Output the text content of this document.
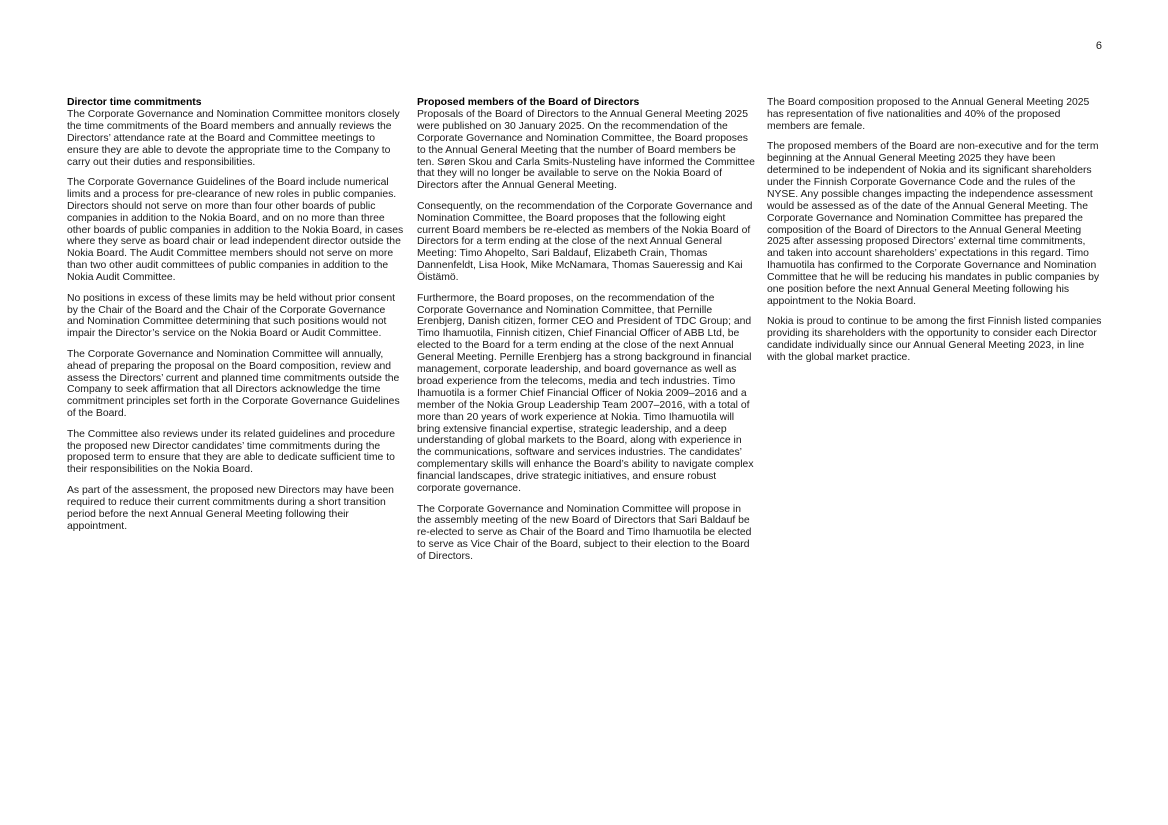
6
Director time commitments

The Corporate Governance and Nomination Committee monitors closely the time commitments of the Board members and annually reviews the Directors’ attendance rate at the Board and Committee meetings to ensure they are able to devote the appropriate time to the Company to carry out their duties and responsibilities.

The Corporate Governance Guidelines of the Board include numerical limits and a process for pre-clearance of new roles in public companies. Directors should not serve on more than four other boards of public companies in addition to the Nokia Board, and on no more than three other boards of public companies in addition to the Nokia Board, in cases where they serve as board chair or lead independent director outside the Nokia Board. The Audit Committee members should not serve on more than two other audit committees of public companies in addition to the Nokia Audit Committee.

No positions in excess of these limits may be held without prior consent by the Chair of the Board and the Chair of the Corporate Governance and Nomination Committee determining that such positions would not impair the Director’s service on the Nokia Board or Audit Committee.

The Corporate Governance and Nomination Committee will annually, ahead of preparing the proposal on the Board composition, review and assess the Directors’ current and planned time commitments outside the Company to seek affirmation that all Directors acknowledge the time commitment principles set forth in the Corporate Governance Guidelines of the Board.

The Committee also reviews under its related guidelines and procedure the proposed new Director candidates’ time commitments during the proposed term to ensure that they are able to dedicate sufficient time to their responsibilities on the Nokia Board.

As part of the assessment, the proposed new Directors may have been required to reduce their current commitments during a short transition period before the next Annual General Meeting following their appointment.

Proposed members of the Board of Directors

Proposals of the Board of Directors to the Annual General Meeting 2025 were published on 30 January 2025. On the recommendation of the Corporate Governance and Nomination Committee, the Board proposes to the Annual General Meeting that the number of Board members be ten. Søren Skou and Carla Smits-Nusteling have informed the Committee that they will no longer be available to serve on the Nokia Board of Directors after the Annual General Meeting.

Consequently, on the recommendation of the Corporate Governance and Nomination Committee, the Board proposes that the following eight current Board members be re-elected as members of the Nokia Board of Directors for a term ending at the close of the next Annual General Meeting: Timo Ahopelto, Sari Baldauf, Elizabeth Crain, Thomas Dannenfeldt, Lisa Hook, Mike McNamara, Thomas Saueressig and Kai Öistämö.

Furthermore, the Board proposes, on the recommendation of the Corporate Governance and Nomination Committee, that Pernille Erenbjerg, Danish citizen, former CEO and President of TDC Group; and Timo Ihamuotila, Finnish citizen, Chief Financial Officer of ABB Ltd, be elected to the Board for a term ending at the close of the next Annual General Meeting. Pernille Erenbjerg has a strong background in financial management, corporate leadership, and board governance as well as broad experience from the telecoms, media and tech industries. Timo Ihamuotila is a former Chief Financial Officer of Nokia 2009–2016 and a member of the Nokia Group Leadership Team 2007–2016, with a total of more than 20 years of work experience at Nokia. Timo Ihamuotila will bring extensive financial expertise, strategic leadership, and a deep understanding of global markets to the Board, along with experience in the communications, software and services industries. The candidates’ complementary skills will enhance the Board’s ability to navigate complex financial landscapes, drive strategic initiatives, and ensure robust corporate governance.

The Corporate Governance and Nomination Committee will propose in the assembly meeting of the new Board of Directors that Sari Baldauf be re-elected to serve as Chair of the Board and Timo Ihamuotila be elected to serve as Vice Chair of the Board, subject to their election to the Board of Directors.

The Board composition proposed to the Annual General Meeting 2025 has representation of five nationalities and 40% of the proposed members are female.

The proposed members of the Board are non-executive and for the term beginning at the Annual General Meeting 2025 they have been determined to be independent of Nokia and its significant shareholders under the Finnish Corporate Governance Code and the rules of the NYSE. Any possible changes impacting the independence assessment would be assessed as of the date of the Annual General Meeting. The Corporate Governance and Nomination Committee has prepared the composition of the Board of Directors to the Annual General Meeting 2025 after assessing proposed Directors’ external time commitments, and taken into account shareholders’ expectations in this regard. Timo Ihamuotila has confirmed to the Corporate Governance and Nomination Committee that he will be reducing his mandates in public companies by one position before the next Annual General Meeting following his appointment to the Nokia Board.

Nokia is proud to continue to be among the first Finnish listed companies providing its shareholders with the opportunity to consider each Director candidate individually since our Annual General Meeting 2023, in line with the global market practice.
